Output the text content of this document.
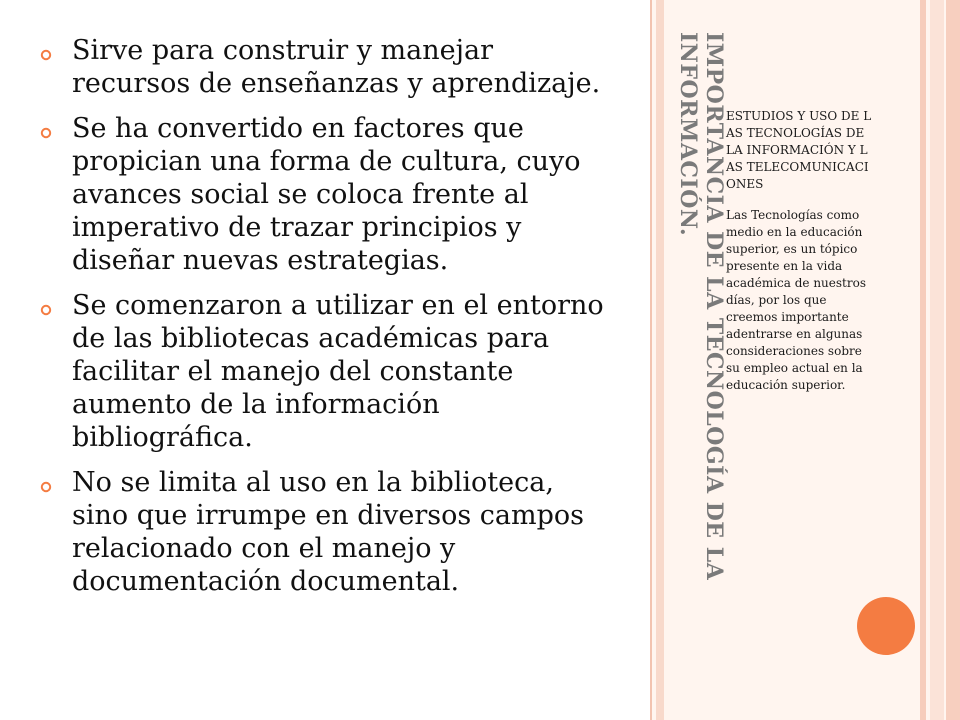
Sirve para construir y manejar recursos de enseñanzas y aprendizaje.
Se ha convertido en factores que propician una forma de cultura, cuyo avances social se coloca frente al imperativo de trazar principios y diseñar nuevas estrategias.
Se comenzaron a utilizar en el entorno de las bibliotecas académicas para facilitar el manejo del constante aumento de la información bibliográfica.
No se limita al uso en la biblioteca, sino que irrumpe en diversos campos relacionado con el manejo y documentación documental.
IMPORTANCIA DE LA TECNOLOGÍA DE LA INFORMACIÓN.	ESTUDIOS Y USO DE LAS TECNOLOGÍAS DE LA INFORMACIÓN Y LAS TELECOMUNICACIONES

Las Tecnologías como medio en la educación superior, es un tópico presente en la vida académica de nuestros días, por los que creemos importante adentrarse en algunas consideraciones sobre su empleo actual en la educación superior.
